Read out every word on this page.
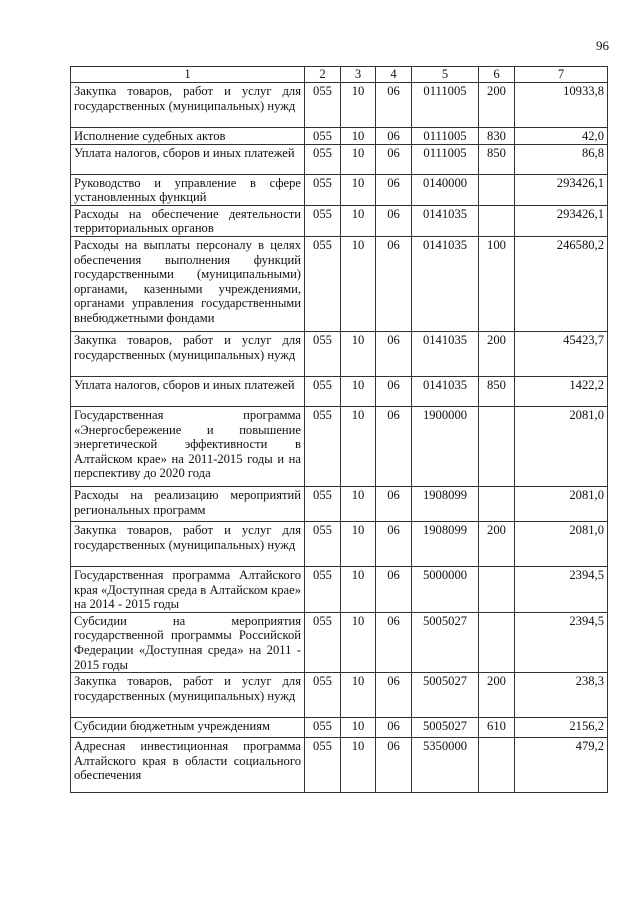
96
1	2	3	4	5	6	7
Закупка товаров, работ и услуг для государственных (муниципальных) нужд	055	10	06	0111005	200	10933,8
Исполнение судебных актов	055	10	06	0111005	830	42,0
Уплата налогов, сборов и иных платежей	055	10	06	0111005	850	86,8
Руководство и управление в сфере установленных функций	055	10	06	0140000		293426,1
Расходы на обеспечение деятельности территориальных органов	055	10	06	0141035		293426,1
Расходы на выплаты персоналу в целях обеспечения выполнения функций государственными (муниципальными) органами, казенными учреждениями, органами управления государственными внебюджетными фондами	055	10	06	0141035	100	246580,2
Закупка товаров, работ и услуг для государственных (муниципальных) нужд	055	10	06	0141035	200	45423,7
Уплата налогов, сборов и иных платежей	055	10	06	0141035	850	1422,2
Государственная программа «Энергосбережение и повышение энергетической эффективности в Алтайском крае» на 2011-2015 годы и на перспективу до 2020 года	055	10	06	1900000		2081,0
Расходы на реализацию мероприятий региональных программ	055	10	06	1908099		2081,0
Закупка товаров, работ и услуг для государственных (муниципальных) нужд	055	10	06	1908099	200	2081,0
Государственная программа Алтайского края «Доступная среда в Алтайском крае» на 2014 - 2015 годы	055	10	06	5000000		2394,5
Субсидии на мероприятия государственной программы Российской Федерации «Доступная среда» на 2011 - 2015 годы	055	10	06	5005027		2394,5
Закупка товаров, работ и услуг для государственных (муниципальных) нужд	055	10	06	5005027	200	238,3
Субсидии бюджетным учреждениям	055	10	06	5005027	610	2156,2
Адресная инвестиционная программа Алтайского края в области социального обеспечения	055	10	06	5350000		479,2
